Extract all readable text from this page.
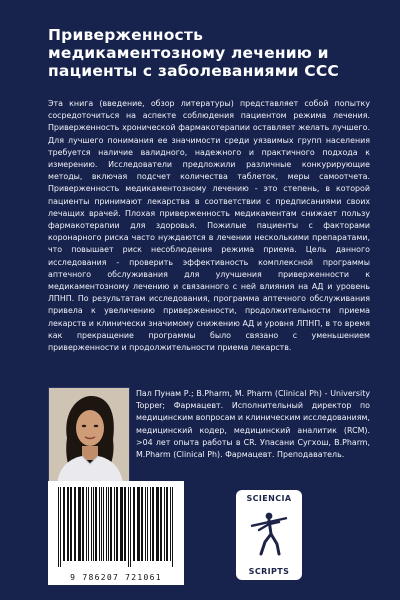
Приверженность
медикаментозному лечению и
пациенты с заболеваниями ССС
Эта книга (введение, обзор литературы) представляет собой попытку сосредоточиться на аспекте соблюдения пациентом режима лечения. Приверженность хронической фармакотерапии оставляет желать лучшего. Для лучшего понимания ее значимости среди уязвимых групп населения требуется наличие валидного, надежного и практичного подхода к измерению. Исследователи предложили различные конкурирующие методы, включая подсчет количества таблеток, меры самоотчета. Приверженность медикаментозному лечению - это степень, в которой пациенты принимают лекарства в соответствии с предписаниями своих лечащих врачей. Плохая приверженность медикаментам снижает пользу фармакотерапии для здоровья. Пожилые пациенты с факторами коронарного риска часто нуждаются в лечении несколькими препаратами, что повышает риск несоблюдения режима приема. Цель данного исследования - проверить эффективность комплексной программы аптечного обслуживания для улучшения приверженности к медикаментозному лечению и связанного с ней влияния на АД и уровень ЛПНП. По результатам исследования, программа аптечного обслуживания привела к увеличению приверженности, продолжительности приема лекарств и клинически значимому снижению АД и уровня ЛПНП, в то время как прекращение программы было связано с уменьшением приверженности и продолжительности приема лекарств.
Пал Пунам Р.; B.Pharm, M. Pharm (Clinical Ph) - University Topper; Фармацевт. Исполнительный директор по медицинским вопросам и клиническим исследованиям, медицинский кодер, медицинский аналитик (RCM). >04 лет опыта работы в CR. Упасани Сугхош, B.Pharm, M.Pharm (Clinical Ph). Фармацевт. Преподаватель.
9 786207 721061
SCIENCIA
SCRIPTS
